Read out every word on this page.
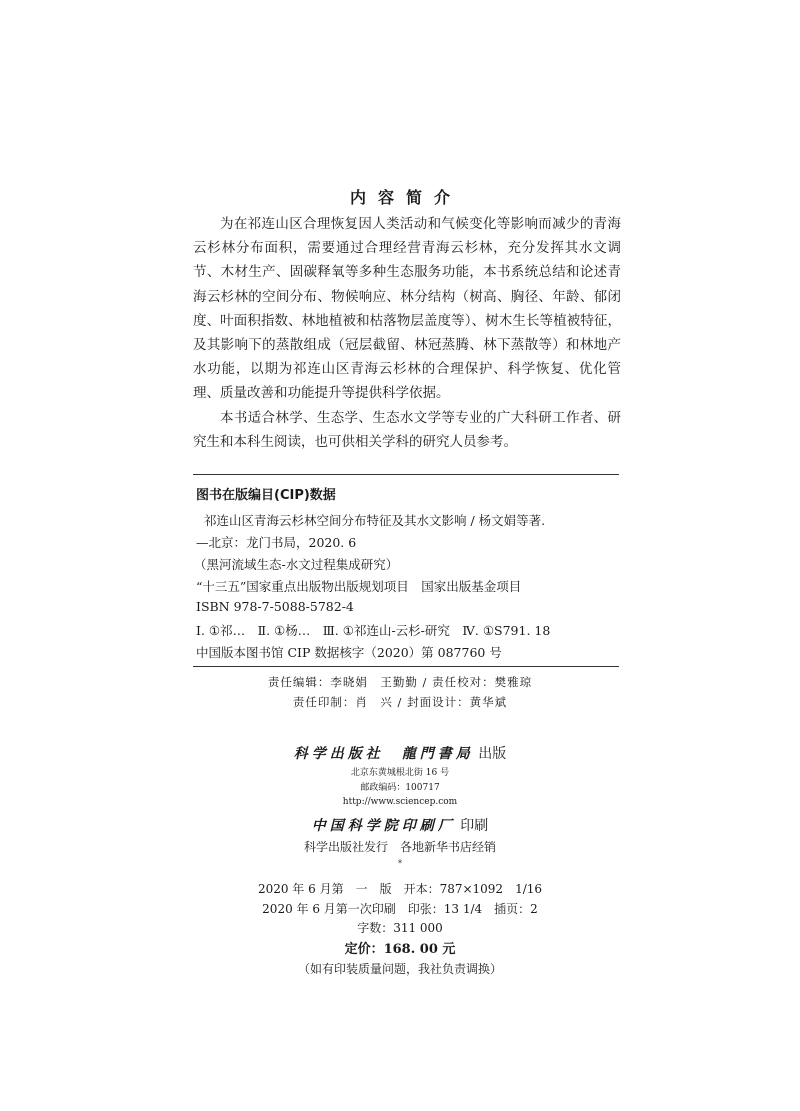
内容简介

为在祁连山区合理恢复因人类活动和气候变化等影响而减少的青海云杉林分布面积，需要通过合理经营青海云杉林，充分发挥其水文调节、木材生产、固碳释氧等多种生态服务功能，本书系统总结和论述青海云杉林的空间分布、物候响应、林分结构（树高、胸径、年龄、郁闭度、叶面积指数、林地植被和枯落物层盖度等）、树木生长等植被特征，及其影响下的蒸散组成（冠层截留、林冠蒸腾、林下蒸散等）和林地产水功能，以期为祁连山区青海云杉林的合理保护、科学恢复、优化管理、质量改善和功能提升等提供科学依据。

本书适合林学、生态学、生态水文学等专业的广大科研工作者、研究生和本科生阅读，也可供相关学科的研究人员参考。

图书在版编目(CIP)数据
祁连山区青海云杉林空间分布特征及其水文影响 / 杨文娟等著.
—北京：龙门书局，2020. 6
（黑河流域生态-水文过程集成研究）
“十三五”国家重点出版物出版规划项目　国家出版基金项目
ISBN 978-7-5088-5782-4
Ⅰ. ①祁…　Ⅱ. ①杨…　Ⅲ. ①祁连山-云杉-研究　Ⅳ. ①S791. 18
中国版本图书馆 CIP 数据核字（2020）第 087760 号
责任编辑：李晓娟　王勤勤 / 责任校对：樊雅琼
责任印制：肖　兴 / 封面设计：黄华斌
科学出版社　龍門書局 出版
北京东黄城根北街 16 号
邮政编码：100717
http://www.sciencep.com
中国科学院印刷厂 印刷
科学出版社发行　各地新华书店经销
*
2020 年 6 月第　一　版　开本：787×1092　1/16
2020 年 6 月第一次印刷　印张：13 1/4　插页：2
字数：311 000
定价：168. 00 元
（如有印装质量问题，我社负责调换）
